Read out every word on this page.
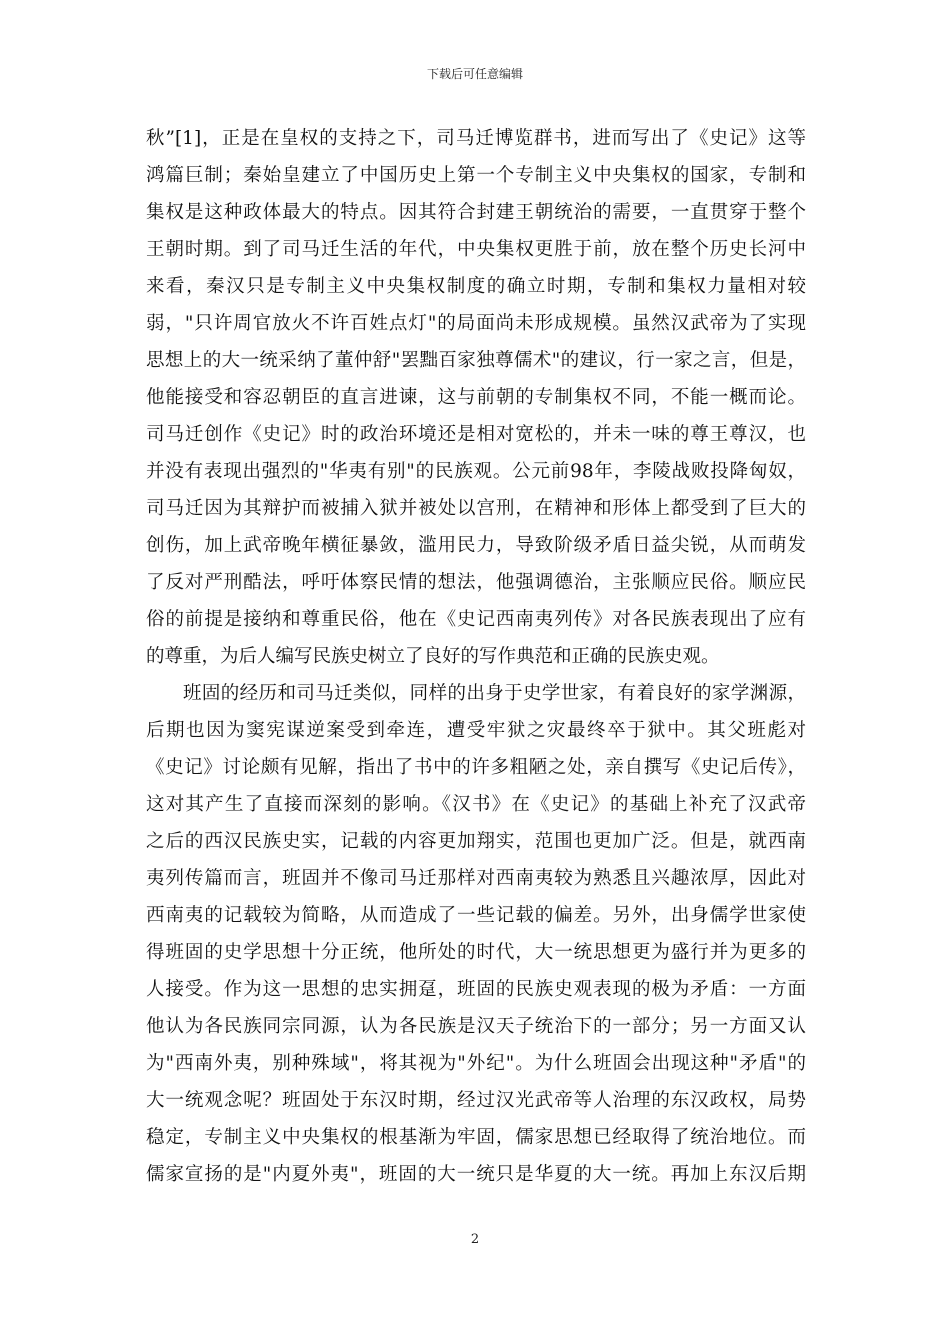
下载后可任意编辑
秋”[1]，正是在皇权的支持之下，司马迁博览群书，进而写出了《史记》这等
鸿篇巨制；秦始皇建立了中国历史上第一个专制主义中央集权的国家，专制和
集权是这种政体最大的特点。因其符合封建王朝统治的需要，一直贯穿于整个
王朝时期。到了司马迁生活的年代，中央集权更胜于前，放在整个历史长河中
来看，秦汉只是专制主义中央集权制度的确立时期，专制和集权力量相对较
弱，"只许周官放火不许百姓点灯"的局面尚未形成规模。虽然汉武帝为了实现
思想上的大一统采纳了董仲舒"罢黜百家独尊儒术"的建议，行一家之言，但是，
他能接受和容忍朝臣的直言进谏，这与前朝的专制集权不同，不能一概而论。
司马迁创作《史记》时的政治环境还是相对宽松的，并未一味的尊王尊汉，也
并没有表现出强烈的"华夷有别"的民族观。公元前98年，李陵战败投降匈奴，
司马迁因为其辩护而被捕入狱并被处以宫刑，在精神和形体上都受到了巨大的
创伤，加上武帝晚年横征暴敛，滥用民力，导致阶级矛盾日益尖锐，从而萌发
了反对严刑酷法，呼吁体察民情的想法，他强调德治，主张顺应民俗。顺应民
俗的前提是接纳和尊重民俗，他在《史记西南夷列传》对各民族表现出了应有
的尊重，为后人编写民族史树立了良好的写作典范和正确的民族史观。
班固的经历和司马迁类似，同样的出身于史学世家，有着良好的家学渊源，
后期也因为窦宪谋逆案受到牵连，遭受牢狱之灾最终卒于狱中。其父班彪对
《史记》讨论颇有见解，指出了书中的许多粗陋之处，亲自撰写《史记后传》，
这对其产生了直接而深刻的影响。《汉书》在《史记》的基础上补充了汉武帝
之后的西汉民族史实，记载的内容更加翔实，范围也更加广泛。但是，就西南
夷列传篇而言，班固并不像司马迁那样对西南夷较为熟悉且兴趣浓厚，因此对
西南夷的记载较为简略，从而造成了一些记载的偏差。另外，出身儒学世家使
得班固的史学思想十分正统，他所处的时代，大一统思想更为盛行并为更多的
人接受。作为这一思想的忠实拥趸，班固的民族史观表现的极为矛盾：一方面
他认为各民族同宗同源，认为各民族是汉天子统治下的一部分；另一方面又认
为"西南外夷，别种殊域"，将其视为"外纪"。为什么班固会出现这种"矛盾"的
大一统观念呢？班固处于东汉时期，经过汉光武帝等人治理的东汉政权，局势
稳定，专制主义中央集权的根基渐为牢固，儒家思想已经取得了统治地位。而
儒家宣扬的是"内夏外夷"，班固的大一统只是华夏的大一统。再加上东汉后期
2
